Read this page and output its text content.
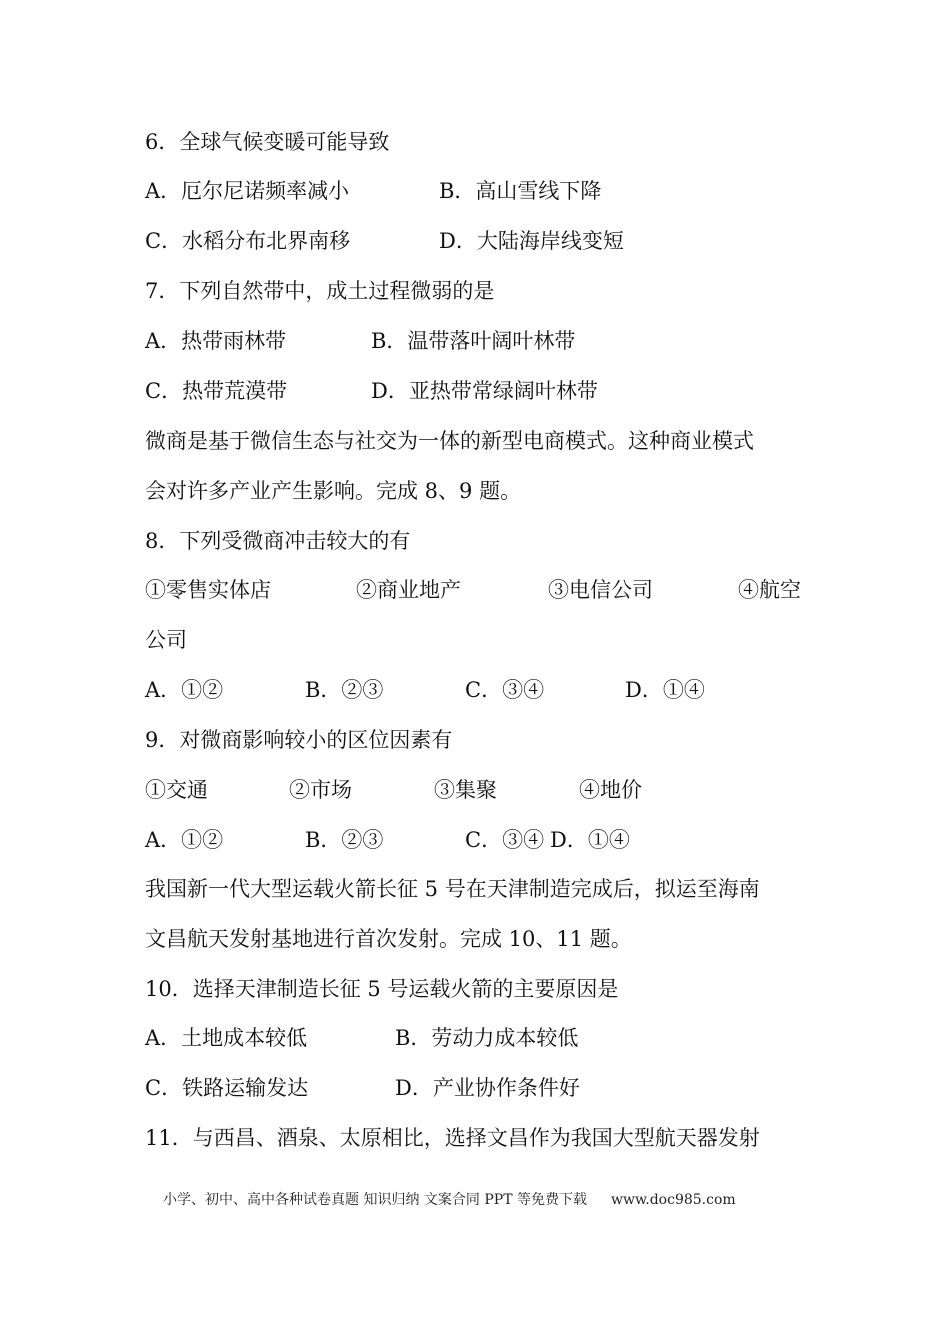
6．全球气候变暖可能导致
A．厄尔尼诺频率减小	B．高山雪线下降
C．水稻分布北界南移	D．大陆海岸线变短
7．下列自然带中，成土过程微弱的是
A．热带雨林带	B．温带落叶阔叶林带
C．热带荒漠带	D．亚热带常绿阔叶林带
微商是基于微信生态与社交为一体的新型电商模式。这种商业模式
会对许多产业产生影响。完成 8、9 题。
8．下列受微商冲击较大的有
①零售实体店	②商业地产	③电信公司	④航空
公司
A．①②	B．②③	C．③④	D．①④
9．对微商影响较小的区位因素有
①交通	②市场	③集聚	④地价
A．①②	B．②③	C．③④ D．①④
我国新一代大型运载火箭长征 5 号在天津制造完成后，拟运至海南
文昌航天发射基地进行首次发射。完成 10、11 题。
10．选择天津制造长征 5 号运载火箭的主要原因是
A．土地成本较低	B．劳动力成本较低
C．铁路运输发达	D．产业协作条件好
11．与西昌、酒泉、太原相比，选择文昌作为我国大型航天器发射
小学、初中、高中各种试卷真题 知识归纳 文案合同 PPT 等免费下载 www.doc985.com
